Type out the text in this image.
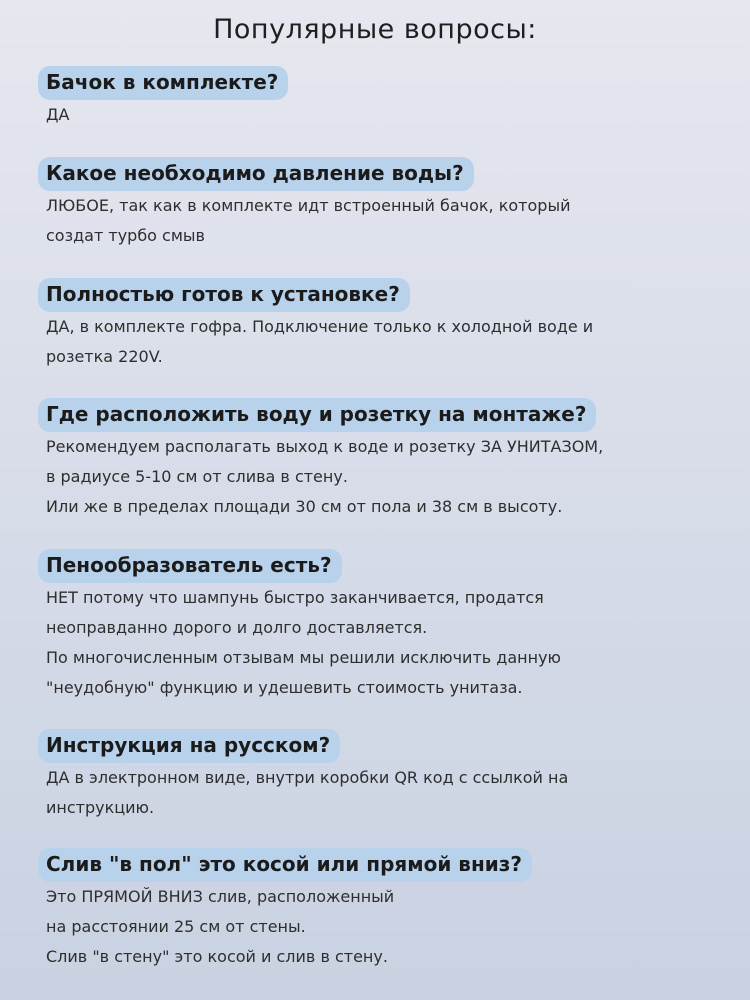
Популярные вопросы:
Бачок в комплекте?

ДА

Какое необходимо давление воды?

ЛЮБОЕ, так как в комплекте идт встроенный бачок, который
создат турбо смыв

Полностью готов к установке?

ДА, в комплекте гофра. Подключение только к холодной воде и
розетка 220V.

Где расположить воду и розетку на монтаже?

Рекомендуем располагать выход к воде и розетку ЗА УНИТАЗОМ,
в радиусе 5-10 см от слива в стену.
Или же в пределах площади 30 см от пола и 38 см в высоту.

Пенообразователь есть?

НЕТ потому что шампунь быстро заканчивается, продатся
неоправданно дорого и долго доставляется.
По многочисленным отзывам мы решили исключить данную
"неудобную" функцию и удешевить стоимость унитаза.

Инструкция на русском?

ДА в электронном виде, внутри коробки QR код с ссылкой на
инструкцию.

Слив "в пол" это косой или прямой вниз?

Это ПРЯМОЙ ВНИЗ слив, расположенный
на расстоянии 25 см от стены.
Слив "в стену" это косой и слив в стену.
